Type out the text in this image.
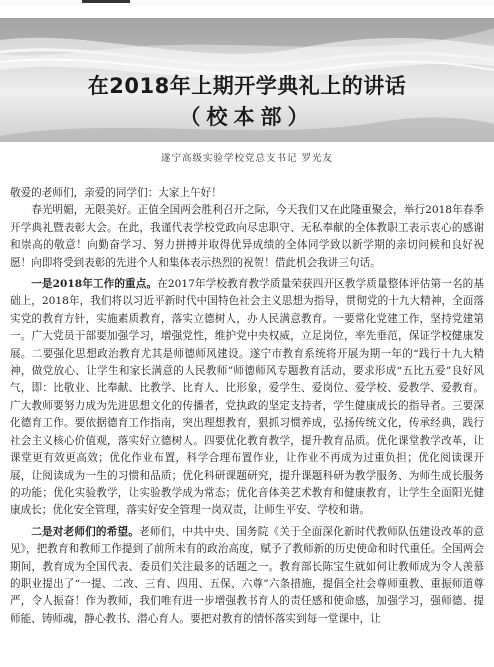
在2018年上期开学典礼上的讲话
（校本部）
遂宁高级实验学校党总支书记 罗光友

敬爱的老师们，亲爱的同学们：大家上午好！

春光明媚，无限美好。正值全国两会胜利召开之际，今天我们又在此隆重聚会，举行2018年春季开学典礼暨表彰大会。在此，我谨代表学校党政向尽忠职守、无私奉献的全体教职工表示衷心的感谢和崇高的敬意！向勤奋学习、努力拼搏并取得优异成绩的全体同学致以新学期的亲切问候和良好祝愿！向即将受到表彰的先进个人和集体表示热烈的祝贺！借此机会我讲三句话。

一是2018年工作的重点。在2017年学校教育教学质量荣获四开区教学质量整体评估第一名的基础上，2018年，我们将以习近平新时代中国特色社会主义思想为指导，贯彻党的十九大精神，全面落实党的教育方针，实施素质教育，落实立德树人，办人民满意教育。一要常化党建工作，坚持党建第一。广大党员干部要加强学习，增强党性，维护党中央权威，立足岗位，率先垂范，保证学校健康发展。二要强化思想政治教育尤其是师德师风建设。遂宁市教育系统将开展为期一年的“践行十九大精神，做党放心、让学生和家长满意的人民教师”师德师风专题教育活动，要求形成“五比五爱”良好风气，即：比敬业、比奉献、比教学、比育人、比形象，爱学生、爱岗位、爱学校、爱教学、爱教育。广大教师要努力成为先进思想文化的传播者，党执政的坚定支持者，学生健康成长的指导者。三要深化德育工作。要依据德育工作指南，突出理想教育，狠抓习惯养成，弘扬传统文化，传承经典，践行社会主义核心价值观，落实好立德树人。四要优化教育教学，提升教育品质。优化课堂教学改革，让课堂更有效更高效；优化作业布置，科学合理布置作业，让作业不再成为过重负担；优化阅读课开展，让阅读成为一生的习惯和品质；优化科研课题研究，提升课题科研为教学服务、为师生成长服务的功能；优化实验教学，让实验教学成为常态；优化音体美艺术教育和健康教育，让学生全面阳光健康成长；优化安全管理，落实好安全管理一岗双责，让师生平安、学校和谐。

二是对老师们的希望。老师们，中共中央、国务院《关于全面深化新时代教师队伍建设改革的意见》，把教育和教师工作提到了前所未有的政治高度，赋予了教师新的历史使命和时代重任。全国两会期间，教育成为全国代表、委员们关注最多的话题之一。教育部长陈宝生就如何让教师成为令人羡慕的职业提出了“一提、二改、三育、四用、五保、六尊”六条措施，提倡全社会尊师重教、重振师道尊严，令人振奋！作为教师，我们唯有进一步增强教书育人的责任感和使命感，加强学习，强师德、提师能、铸师魂，静心教书、潜心育人。要把对教育的情怀落实到每一堂课中，让
